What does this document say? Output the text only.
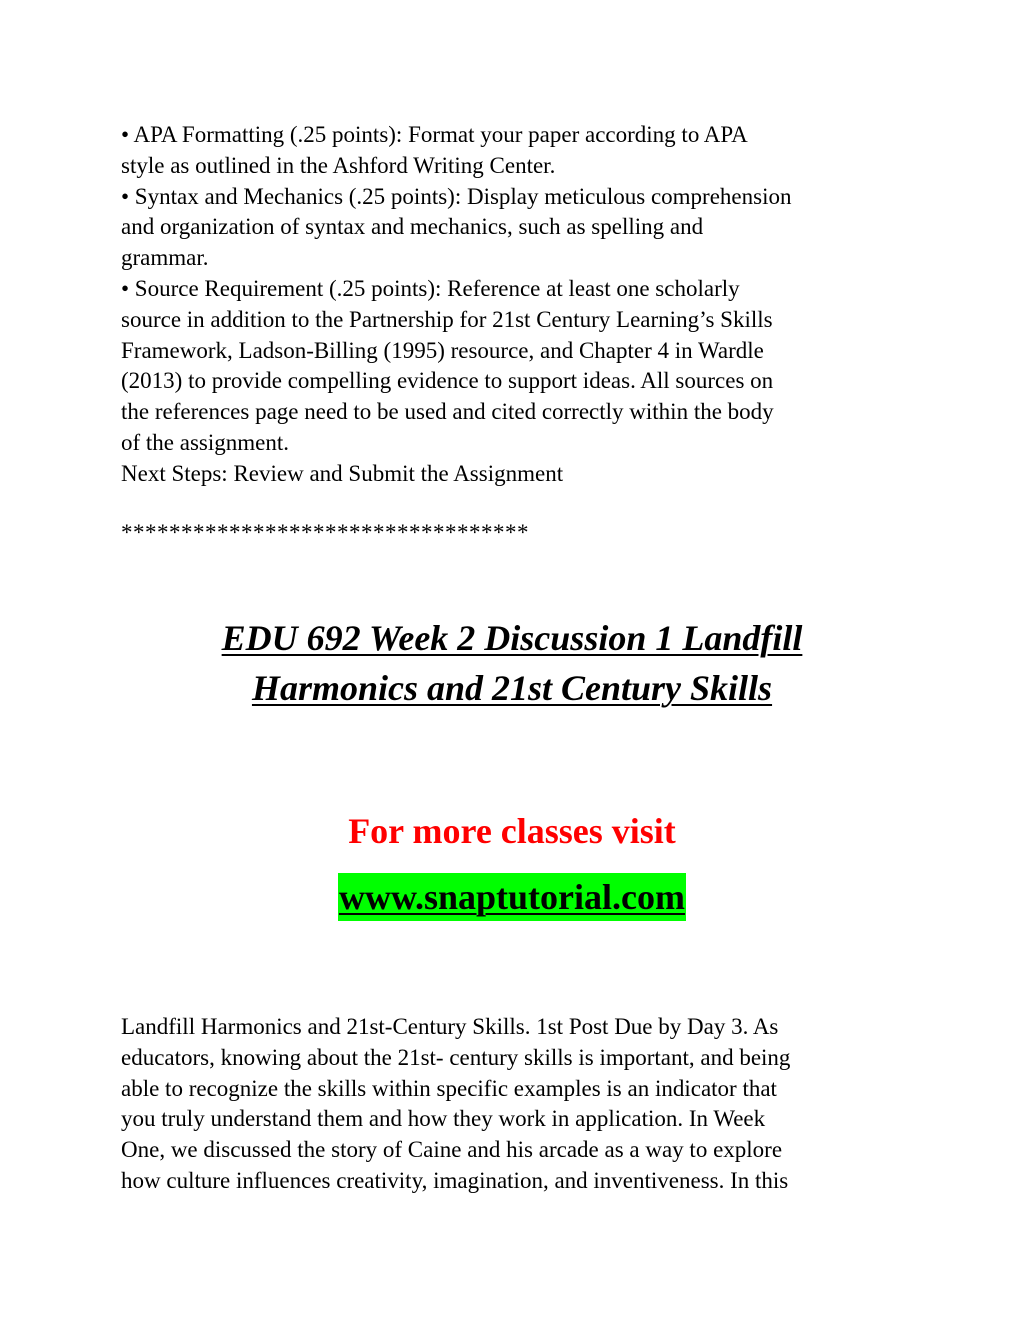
• APA Formatting (.25 points): Format your paper according to APA
style as outlined in the Ashford Writing Center.
• Syntax and Mechanics (.25 points): Display meticulous comprehension
and organization of syntax and mechanics, such as spelling and
grammar.
• Source Requirement (.25 points): Reference at least one scholarly
source in addition to the Partnership for 21st Century Learning’s Skills
Framework, Ladson-Billing (1995) resource, and Chapter 4 in Wardle
(2013) to provide compelling evidence to support ideas. All sources on
the references page need to be used and cited correctly within the body
of the assignment.
Next Steps: Review and Submit the Assignment
**********************************
EDU 692 Week 2 Discussion 1 Landfill
Harmonics and 21st Century Skills
For more classes visit
www.snaptutorial.com
Landfill Harmonics and 21st-Century Skills. 1st Post Due by Day 3. As
educators, knowing about the 21st- century skills is important, and being
able to recognize the skills within specific examples is an indicator that
you truly understand them and how they work in application. In Week
One, we discussed the story of Caine and his arcade as a way to explore
how culture influences creativity, imagination, and inventiveness. In this
